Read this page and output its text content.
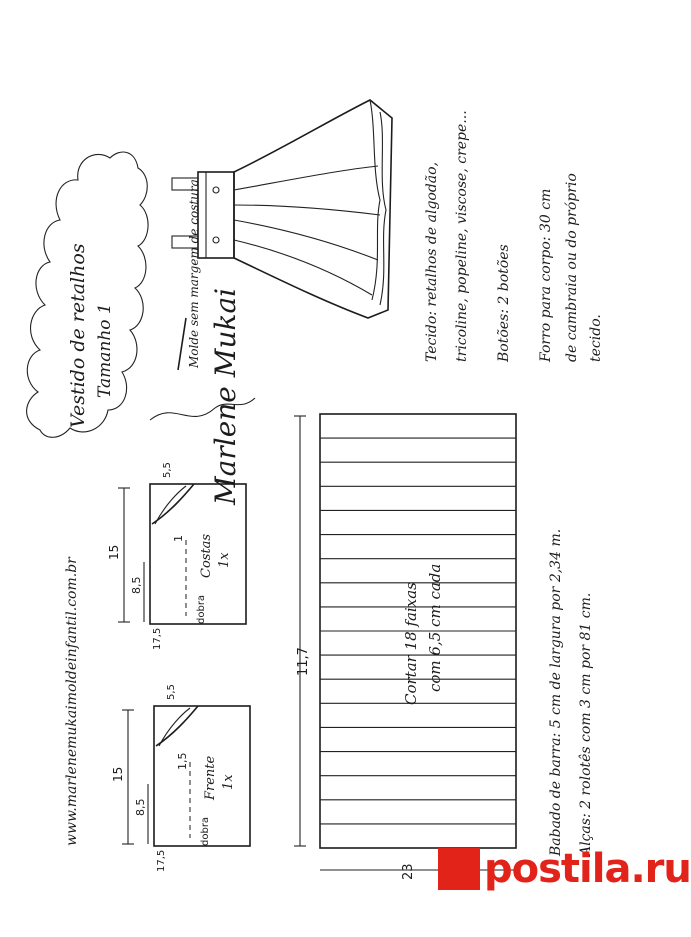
Vestido de retalhos Tamanho 1	Marlene Mukai
Molde sem margem de costura	Tecido: retalhos de algodão, tricoline, popeline, viscose, crepe... Botões: 2 botões Forro para corpo: 30 cm de cambraia ou do próprio tecido.
Cortar 18 faixas com 6,5 cm cada
11,7
23
15
8,5
5,5
1 Costas 1x
dobra
17,5
15
8,5
5,5
1,5 Frente 1x
dobra
17,5
www.marlenemukaimoldeinfantil.com.br	Babado de barra: 5 cm de largura por 2,34 m. Alças: 2 rolotês com 3 cm por 81 cm.
postila.ru
